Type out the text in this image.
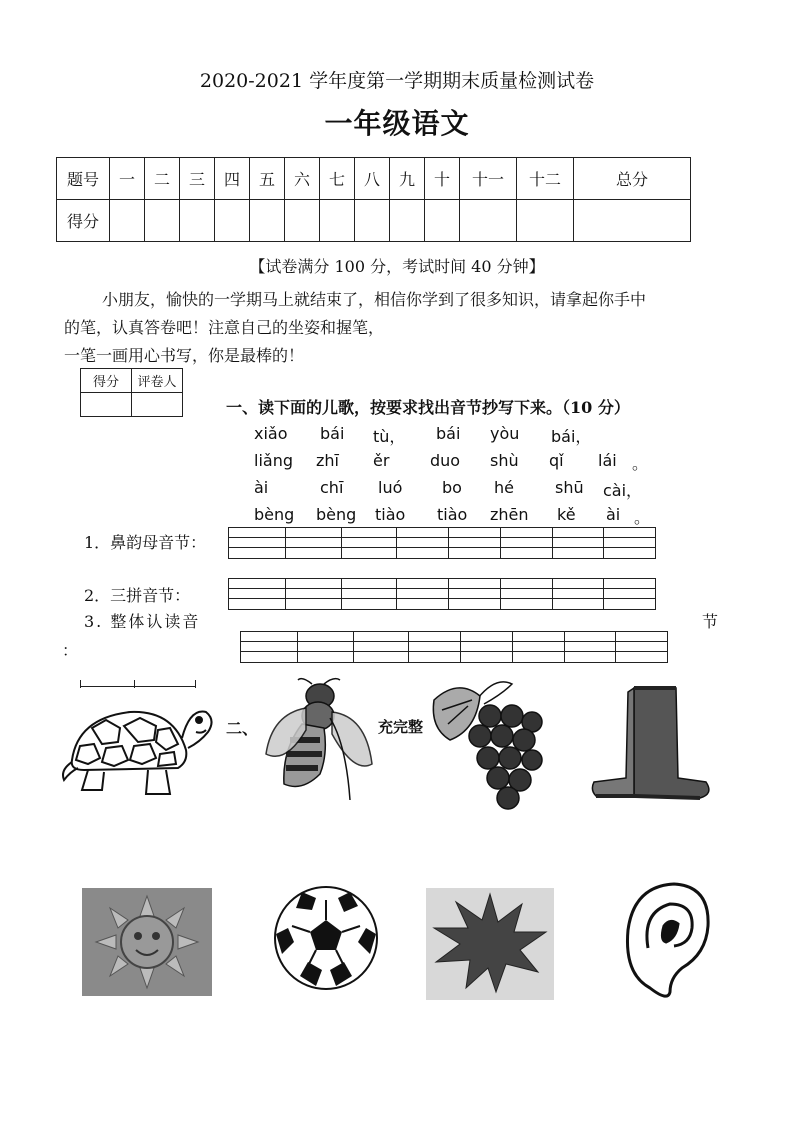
2020-2021 学年度第一学期期末质量检测试卷
一年级语文
题号	一	二	三	四	五	六	七	八	九	十	十一	十二	总分
得分													
【试卷满分 100 分，考试时间 40 分钟】

小朋友，愉快的一学期马上就结束了，相信你学到了很多知识，请拿起你手中

的笔，认真答卷吧！注意自己的坐姿和握笔，

一笔一画用心书写，你是最棒的！

得分	评卷人

一、读下面的儿歌，按要求找出音节抄写下来。（10 分）
xiǎo bái tù， bái yòu bái，
liǎng zhī ěr	duo shù qǐ lái 。
ài	chī luó bo hé	shū cài，
bèng bèng tiào tiào zhēn kě ài 。
1．鼻韵母音节：
2．三拼音节：
3. 整体认读音	节
：
二、	充完整
